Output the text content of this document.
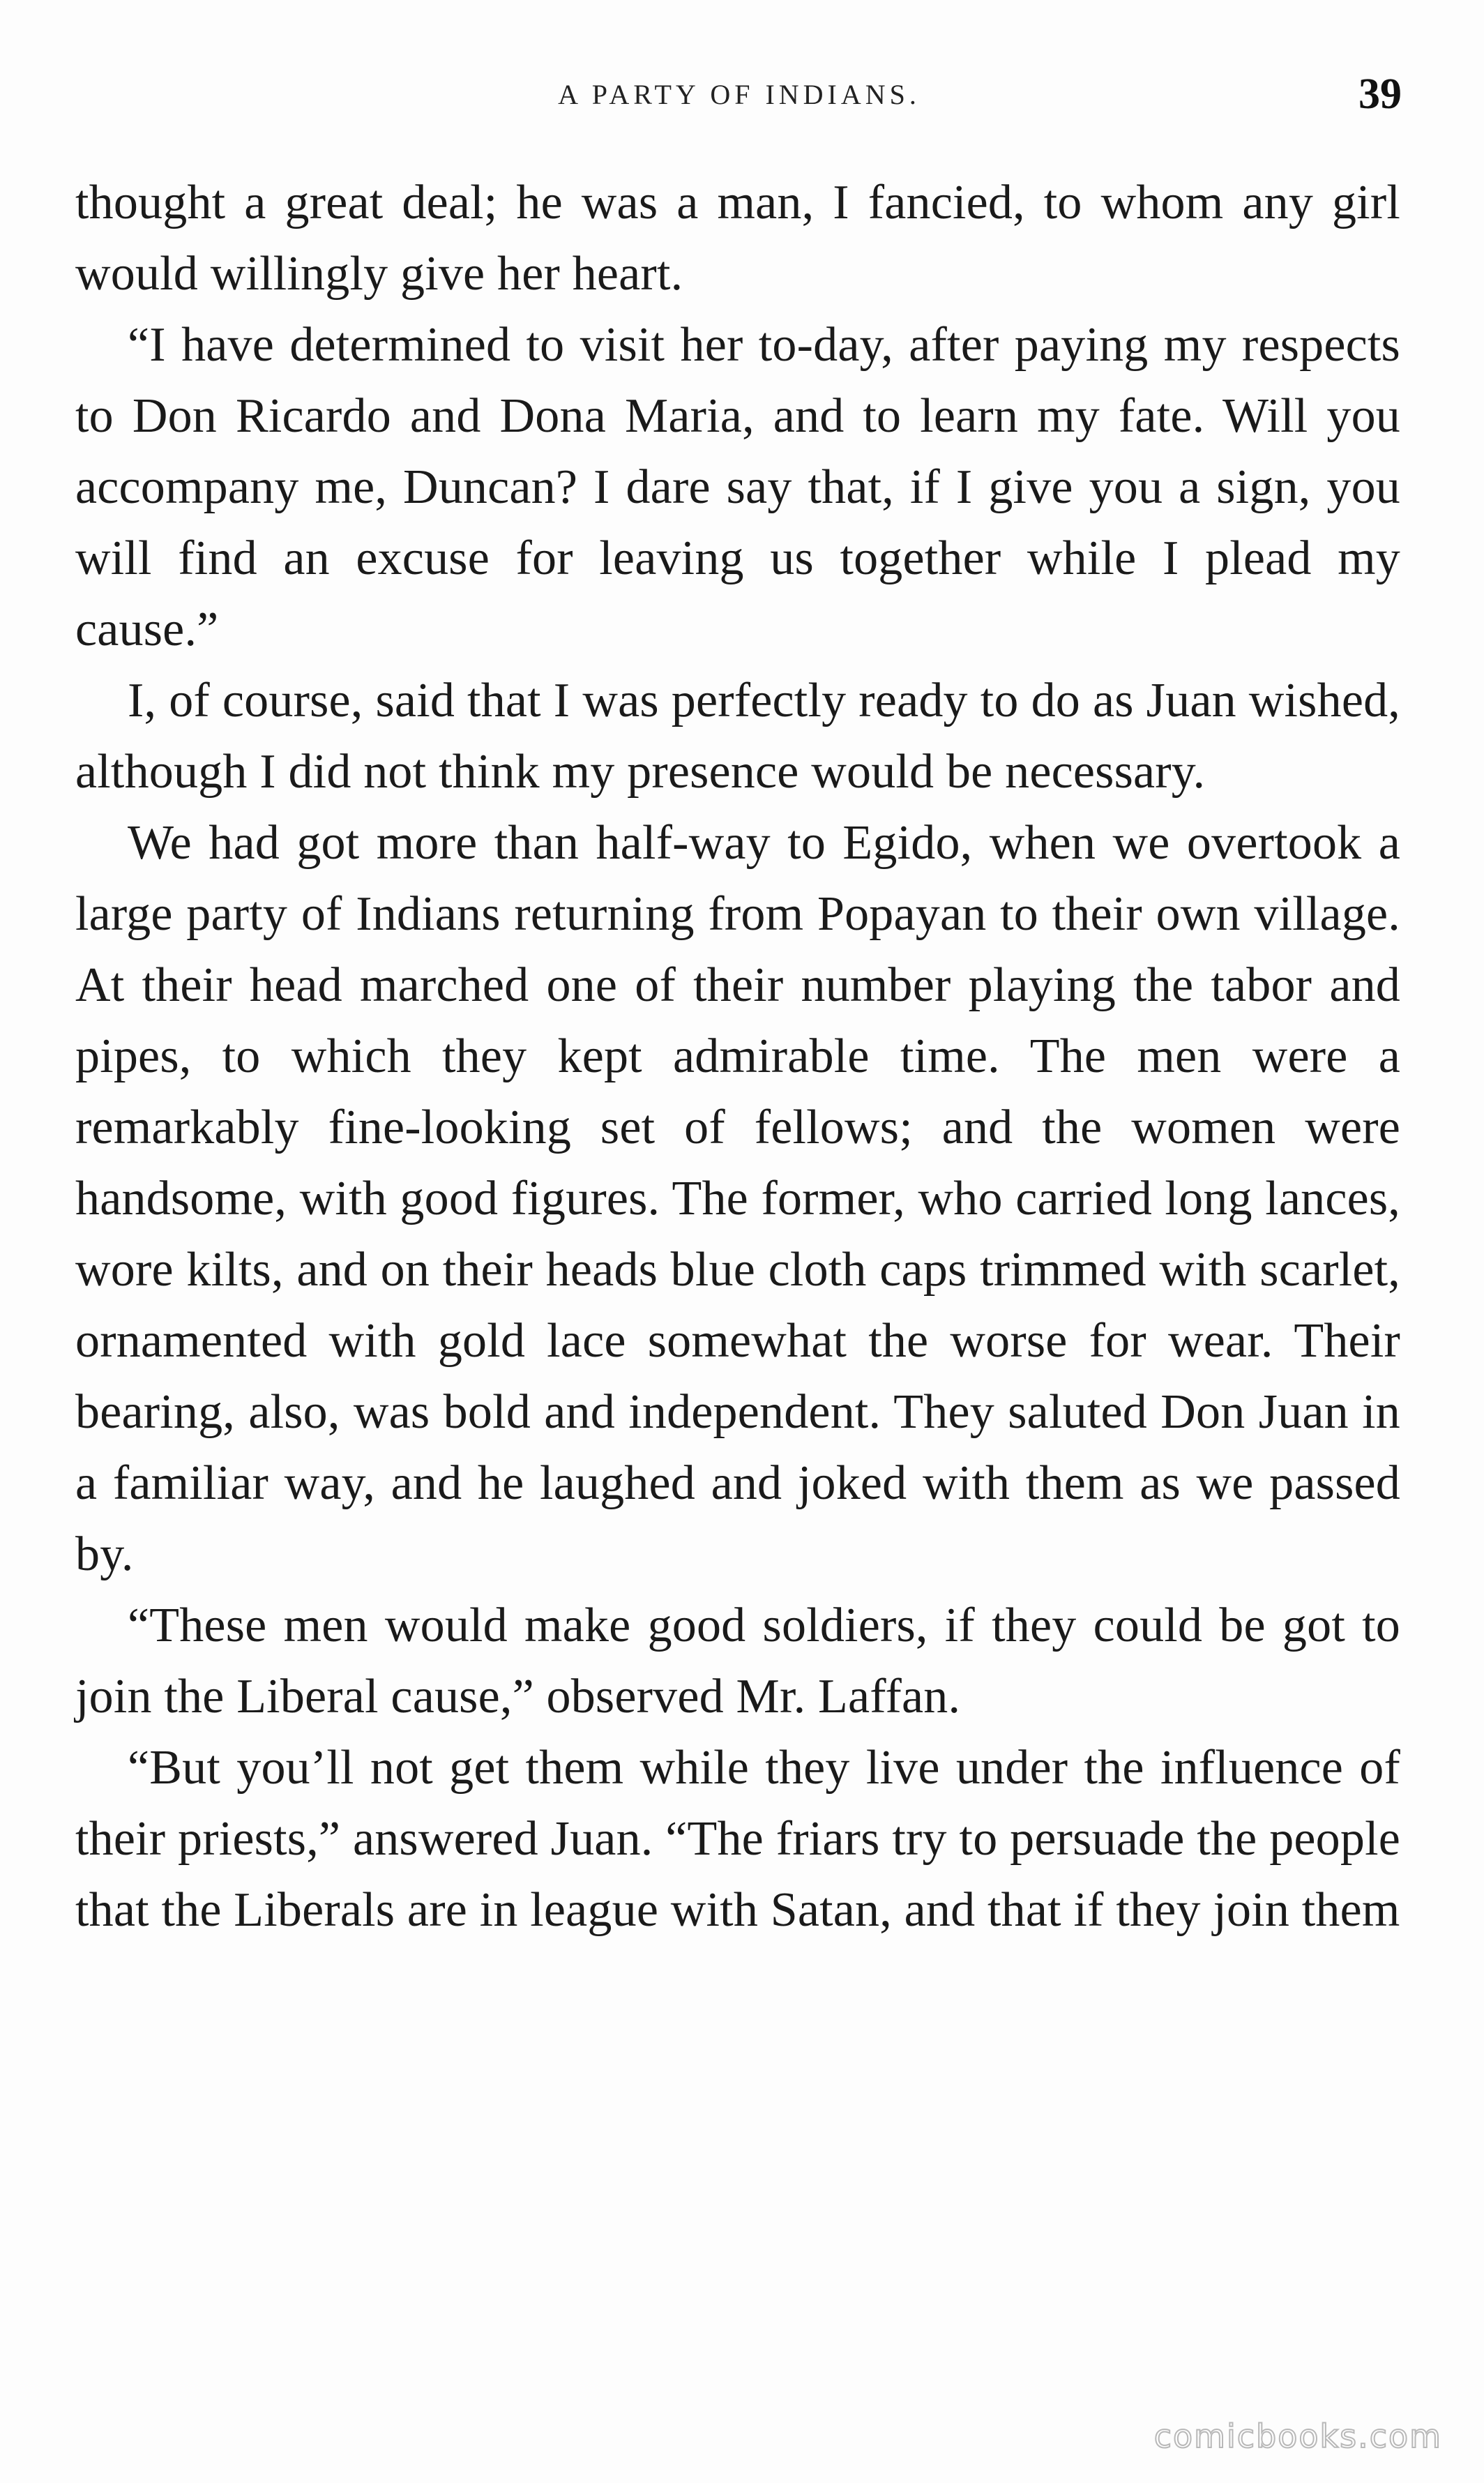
A PARTY OF INDIANS.	39

thought a great deal; he was a man, I fancied, to whom any girl would willingly give her heart.

“I have determined to visit her to-day, after paying my respects to Don Ricardo and Dona Maria, and to learn my fate. Will you accompany me, Duncan? I dare say that, if I give you a sign, you will find an excuse for leaving us together while I plead my cause.”

I, of course, said that I was perfectly ready to do as Juan wished, although I did not think my presence would be necessary.

We had got more than half-way to Egido, when we overtook a large party of Indians returning from Popayan to their own village. At their head marched one of their number playing the tabor and pipes, to which they kept admirable time. The men were a remarkably fine-looking set of fellows; and the women were handsome, with good figures. The former, who carried long lances, wore kilts, and on their heads blue cloth caps trimmed with scarlet, ornamented with gold lace somewhat the worse for wear. Their bearing, also, was bold and independent. They saluted Don Juan in a familiar way, and he laughed and joked with them as we passed by.

“These men would make good soldiers, if they could be got to join the Liberal cause,” observed Mr. Laffan.

“But you’ll not get them while they live under the influence of their priests,” answered Juan. “The friars try to persuade the people that the Liberals are in league with Satan, and that if they join them

comicbooks.com
